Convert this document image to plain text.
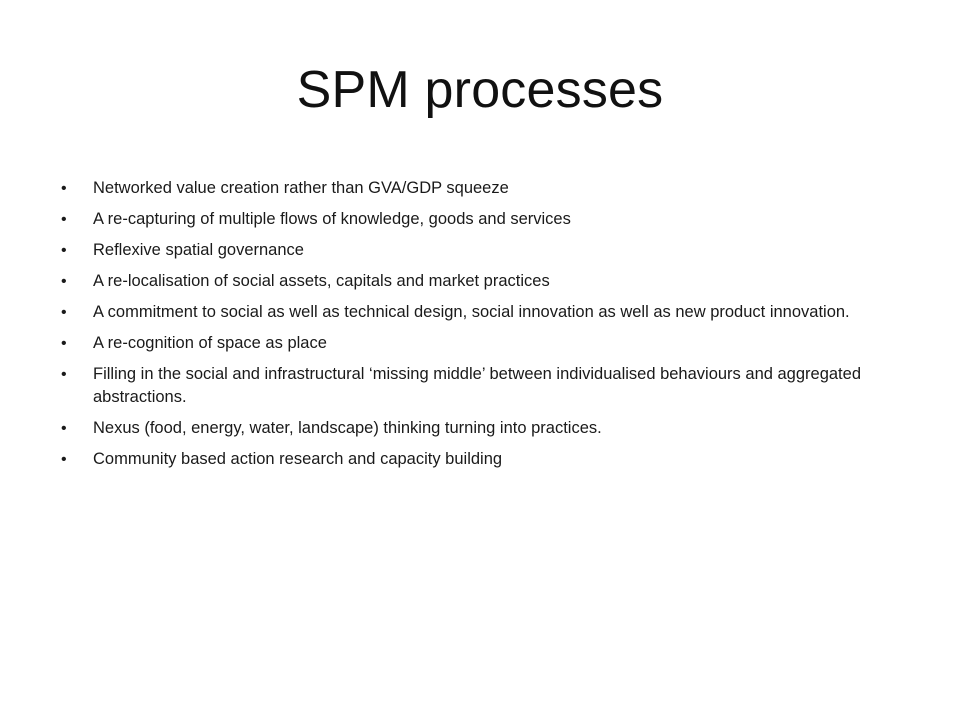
SPM processes
• Networked value creation rather than GVA/GDP squeeze
• A re-capturing of multiple flows of knowledge, goods and services
• Reflexive spatial governance
• A re-localisation of social assets, capitals and market practices
• A commitment to social as well as technical design, social innovation as well as new product innovation.
• A re-cognition of space as place
• Filling in the social and infrastructural ‘missing middle’ between individualised behaviours and aggregated abstractions.
• Nexus (food, energy, water, landscape) thinking turning into practices.
• Community based action research and capacity building
